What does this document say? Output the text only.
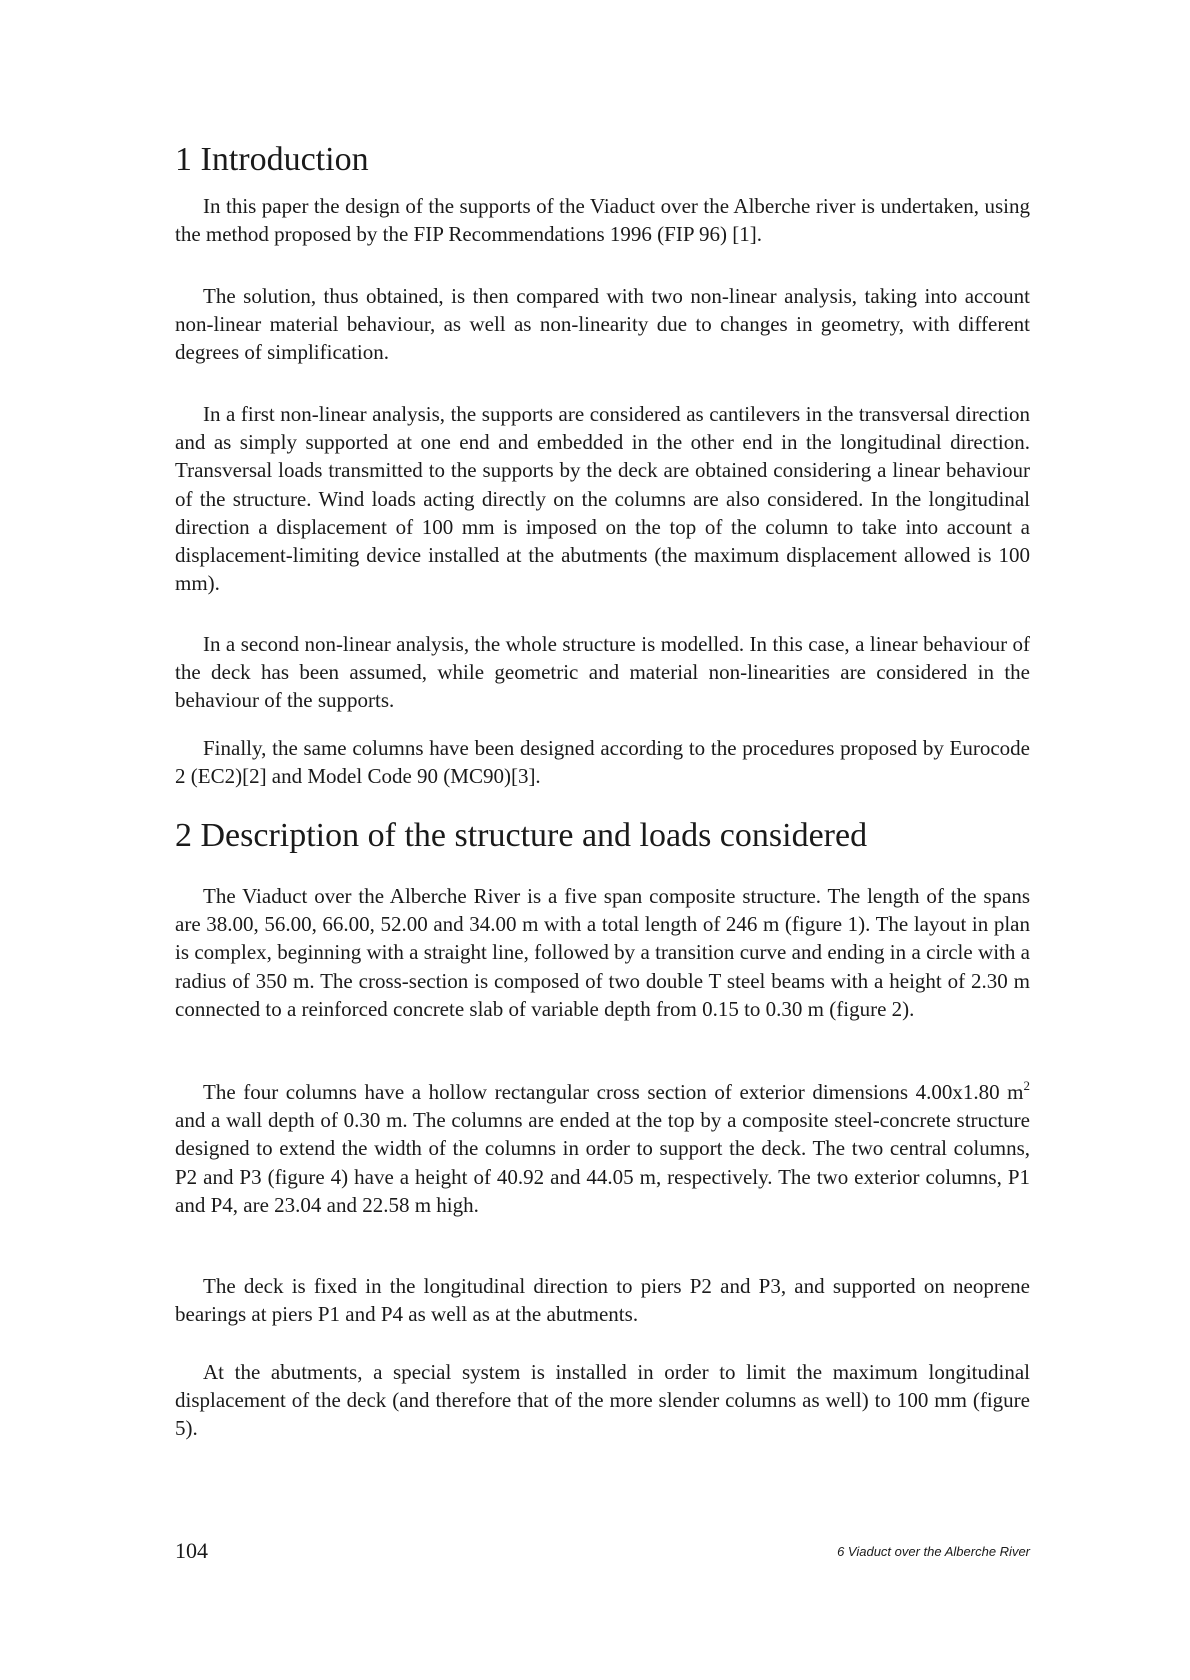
1 Introduction

In this paper the design of the supports of the Viaduct over the Alberche river is undertaken, using the method proposed by the FIP Recommendations 1996 (FIP 96) [1].

The solution, thus obtained, is then compared with two non-linear analysis, taking into account non-linear material behaviour, as well as non-linearity due to changes in geometry, with different degrees of simplification.

In a first non-linear analysis, the supports are considered as cantilevers in the transversal direction and as simply supported at one end and embedded in the other end in the longitudinal direction. Transversal loads transmitted to the supports by the deck are obtained considering a linear behaviour of the structure. Wind loads acting directly on the columns are also considered. In the longitudinal direction a displacement of 100 mm is imposed on the top of the column to take into account a displacement-limiting device installed at the abutments (the maximum displacement allowed is 100 mm).

In a second non-linear analysis, the whole structure is modelled. In this case, a linear behaviour of the deck has been assumed, while geometric and material non-linearities are considered in the behaviour of the supports.

Finally, the same columns have been designed according to the procedures proposed by Eurocode 2 (EC2)[2] and Model Code 90 (MC90)[3].

2 Description of the structure and loads considered

The Viaduct over the Alberche River is a five span composite structure. The length of the spans are 38.00, 56.00, 66.00, 52.00 and 34.00 m with a total length of 246 m (figure 1). The layout in plan is complex, beginning with a straight line, followed by a transition curve and ending in a circle with a radius of 350 m. The cross-section is composed of two double T steel beams with a height of 2.30 m connected to a reinforced concrete slab of variable depth from 0.15 to 0.30 m (figure 2).

The four columns have a hollow rectangular cross section of exterior dimensions 4.00x1.80 $m^2$ and a wall depth of 0.30 m. The columns are ended at the top by a composite steel-concrete structure designed to extend the width of the columns in order to support the deck. The two central columns, P2 and P3 (figure 4) have a height of 40.92 and 44.05 m, respectively. The two exterior columns, P1 and P4, are 23.04 and 22.58 m high.

The deck is fixed in the longitudinal direction to piers P2 and P3, and supported on neoprene bearings at piers P1 and P4 as well as at the abutments.

At the abutments, a special system is installed in order to limit the maximum longitudinal displacement of the deck (and therefore that of the more slender columns as well) to 100 mm (figure 5).

104	6 Viaduct over the Alberche River
